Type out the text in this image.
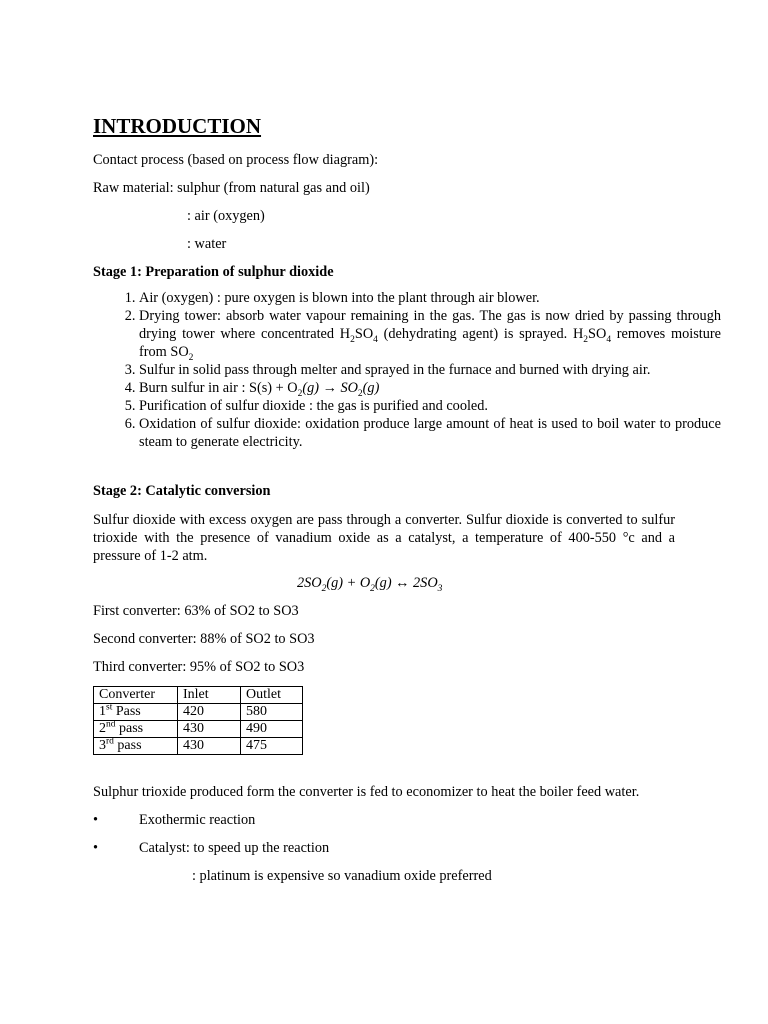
INTRODUCTION
Contact process (based on process flow diagram):
Raw material: sulphur (from natural gas and oil)
: air (oxygen)
: water
Stage 1: Preparation of sulphur dioxide
1. Air (oxygen) : pure oxygen is blown into the plant through air blower.
2. Drying tower: absorb water vapour remaining in the gas. The gas is now dried by passing through drying tower where concentrated $H_2SO_4$ (dehydrating agent) is sprayed. $H_2SO_4$ removes moisture from $SO_2$
3. Sulfur in solid pass through melter and sprayed in the furnace and burned with drying air.
4. Burn sulfur in air : $S(s) + O_2(g) \to SO_2(g)$
5. Purification of sulfur dioxide : the gas is purified and cooled.
6. Oxidation of sulfur dioxide: oxidation produce large amount of heat is used to boil water to produce steam to generate electricity.
Stage 2: Catalytic conversion
Sulfur dioxide with excess oxygen are pass through a converter. Sulfur dioxide is converted to sulfur trioxide with the presence of vanadium oxide as a catalyst, a temperature of 400-550 °c and a pressure of 1-2 atm.
$2SO_2(g) + O_2(g)$ ↔ $2SO_3$
First converter: 63% of SO2 to SO3
Second converter: 88% of SO2 to SO3
Third converter: 95% of SO2 to SO3
Converter	Inlet	Outlet
1st Pass	420	580
2nd pass	430	490
3rd pass	430	475
Sulphur trioxide produced form the converter is fed to economizer to heat the boiler feed water.
•	Exothermic reaction
•	Catalyst: to speed up the reaction
: platinum is expensive so vanadium oxide preferred
